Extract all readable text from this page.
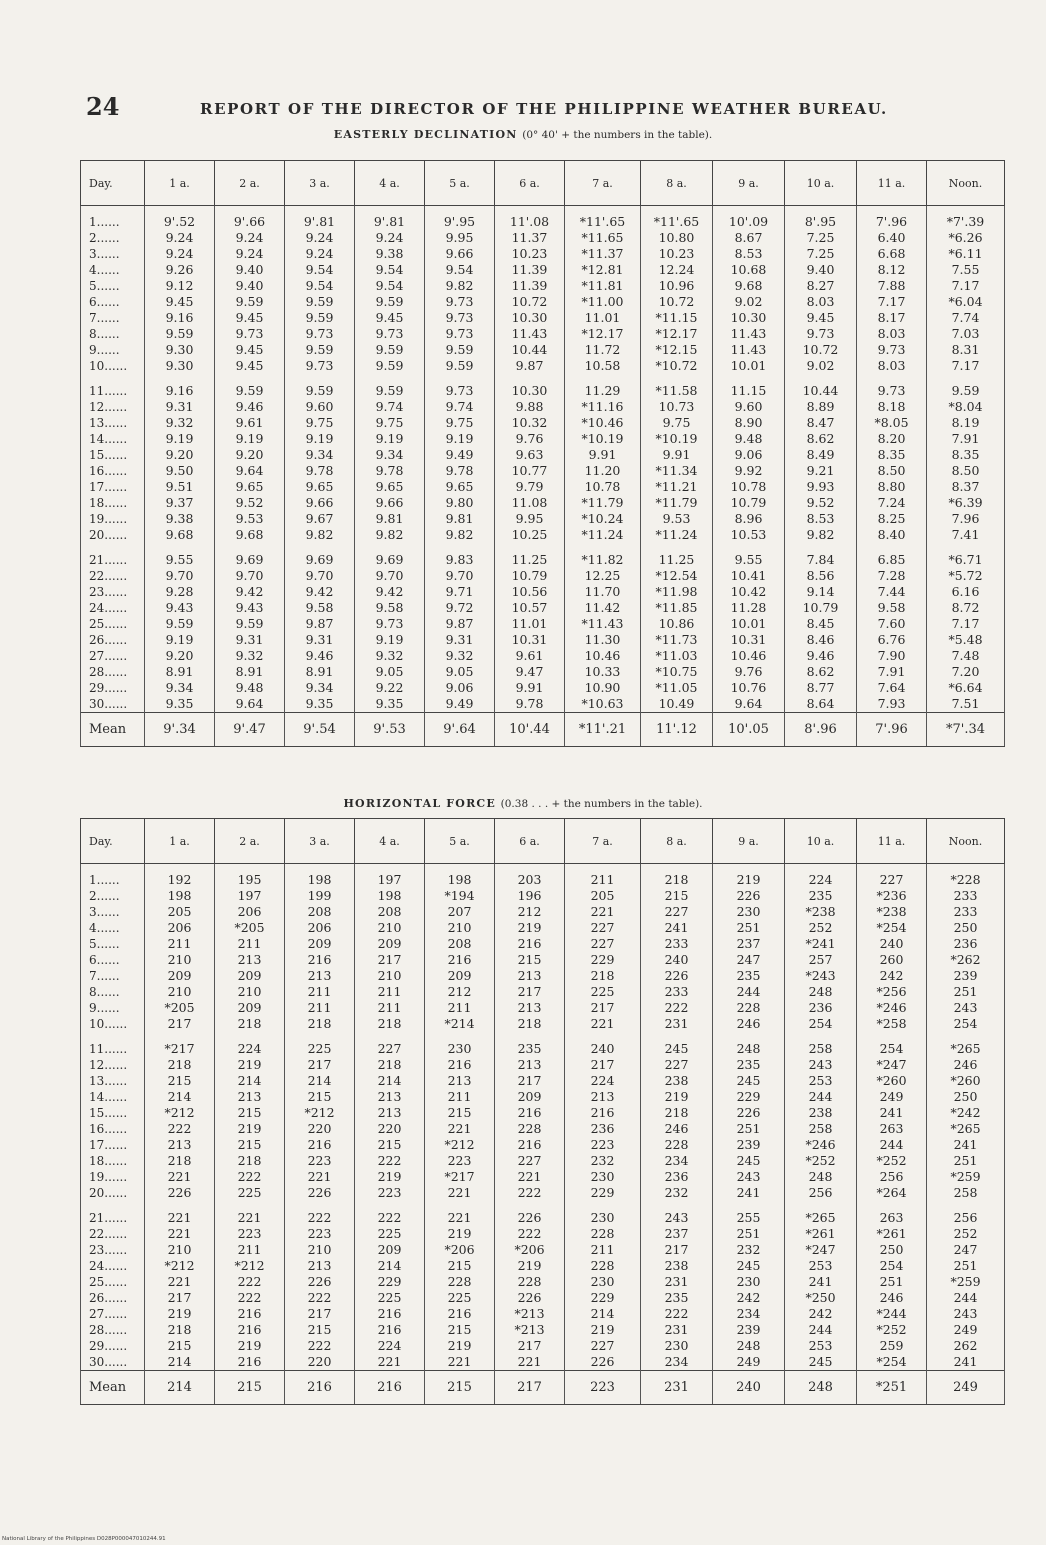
24	REPORT OF THE DIRECTOR OF THE PHILIPPINE WEATHER BUREAU.
EASTERLY DECLINATION (0° 40' + the numbers in the table).
Day.	1 a.	2 a.	3 a.	4 a.	5 a.	6 a.	7 a.	8 a.	9 a.	10 a.	11 a.	Noon.
1......	9'.52	9'.66	9'.81	9'.81	9'.95	11'.08	*11'.65	*11'.65	10'.09	8'.95	7'.96	*7'.39
2......	9.24	9.24	9.24	9.24	9.95	11.37	*11.65	10.80	8.67	7.25	6.40	*6.26
3......	9.24	9.24	9.24	9.38	9.66	10.23	*11.37	10.23	8.53	7.25	6.68	*6.11
4......	9.26	9.40	9.54	9.54	9.54	11.39	*12.81	12.24	10.68	9.40	8.12	7.55
5......	9.12	9.40	9.54	9.54	9.82	11.39	*11.81	10.96	9.68	8.27	7.88	7.17
6......	9.45	9.59	9.59	9.59	9.73	10.72	*11.00	10.72	9.02	8.03	7.17	*6.04
7......	9.16	9.45	9.59	9.45	9.73	10.30	11.01	*11.15	10.30	9.45	8.17	7.74
8......	9.59	9.73	9.73	9.73	9.73	11.43	*12.17	*12.17	11.43	9.73	8.03	7.03
9......	9.30	9.45	9.59	9.59	9.59	10.44	11.72	*12.15	11.43	10.72	9.73	8.31
10......	9.30	9.45	9.73	9.59	9.59	9.87	10.58	*10.72	10.01	9.02	8.03	7.17

11......	9.16	9.59	9.59	9.59	9.73	10.30	11.29	*11.58	11.15	10.44	9.73	9.59
12......	9.31	9.46	9.60	9.74	9.74	9.88	*11.16	10.73	9.60	8.89	8.18	*8.04
13......	9.32	9.61	9.75	9.75	9.75	10.32	*10.46	9.75	8.90	8.47	*8.05	8.19
14......	9.19	9.19	9.19	9.19	9.19	9.76	*10.19	*10.19	9.48	8.62	8.20	7.91
15......	9.20	9.20	9.34	9.34	9.49	9.63	9.91	9.91	9.06	8.49	8.35	8.35
16......	9.50	9.64	9.78	9.78	9.78	10.77	11.20	*11.34	9.92	9.21	8.50	8.50
17......	9.51	9.65	9.65	9.65	9.65	9.79	10.78	*11.21	10.78	9.93	8.80	8.37
18......	9.37	9.52	9.66	9.66	9.80	11.08	*11.79	*11.79	10.79	9.52	7.24	*6.39
19......	9.38	9.53	9.67	9.81	9.81	9.95	*10.24	9.53	8.96	8.53	8.25	7.96
20......	9.68	9.68	9.82	9.82	9.82	10.25	*11.24	*11.24	10.53	9.82	8.40	7.41

21......	9.55	9.69	9.69	9.69	9.83	11.25	*11.82	11.25	9.55	7.84	6.85	*6.71
22......	9.70	9.70	9.70	9.70	9.70	10.79	12.25	*12.54	10.41	8.56	7.28	*5.72
23......	9.28	9.42	9.42	9.42	9.71	10.56	11.70	*11.98	10.42	9.14	7.44	6.16
24......	9.43	9.43	9.58	9.58	9.72	10.57	11.42	*11.85	11.28	10.79	9.58	8.72
25......	9.59	9.59	9.87	9.73	9.87	11.01	*11.43	10.86	10.01	8.45	7.60	7.17
26......	9.19	9.31	9.31	9.19	9.31	10.31	11.30	*11.73	10.31	8.46	6.76	*5.48
27......	9.20	9.32	9.46	9.32	9.32	9.61	10.46	*11.03	10.46	9.46	7.90	7.48
28......	8.91	8.91	8.91	9.05	9.05	9.47	10.33	*10.75	9.76	8.62	7.91	7.20
29......	9.34	9.48	9.34	9.22	9.06	9.91	10.90	*11.05	10.76	8.77	7.64	*6.64
30......	9.35	9.64	9.35	9.35	9.49	9.78	*10.63	10.49	9.64	8.64	7.93	7.51
Mean	9'.34	9'.47	9'.54	9'.53	9'.64	10'.44	*11'.21	11'.12	10'.05	8'.96	7'.96	*7'.34
HORIZONTAL FORCE (0.38 . . . + the numbers in the table).
Day.	1 a.	2 a.	3 a.	4 a.	5 a.	6 a.	7 a.	8 a.	9 a.	10 a.	11 a.	Noon.
1......	192	195	198	197	198	203	211	218	219	224	227	*228
2......	198	197	199	198	*194	196	205	215	226	235	*236	233
3......	205	206	208	208	207	212	221	227	230	*238	*238	233
4......	206	*205	206	210	210	219	227	241	251	252	*254	250
5......	211	211	209	209	208	216	227	233	237	*241	240	236
6......	210	213	216	217	216	215	229	240	247	257	260	*262
7......	209	209	213	210	209	213	218	226	235	*243	242	239
8......	210	210	211	211	212	217	225	233	244	248	*256	251
9......	*205	209	211	211	211	213	217	222	228	236	*246	243
10......	217	218	218	218	*214	218	221	231	246	254	*258	254

11......	*217	224	225	227	230	235	240	245	248	258	254	*265
12......	218	219	217	218	216	213	217	227	235	243	*247	246
13......	215	214	214	214	213	217	224	238	245	253	*260	*260
14......	214	213	215	213	211	209	213	219	229	244	249	250
15......	*212	215	*212	213	215	216	216	218	226	238	241	*242
16......	222	219	220	220	221	228	236	246	251	258	263	*265
17......	213	215	216	215	*212	216	223	228	239	*246	244	241
18......	218	218	223	222	223	227	232	234	245	*252	*252	251
19......	221	222	221	219	*217	221	230	236	243	248	256	*259
20......	226	225	226	223	221	222	229	232	241	256	*264	258

21......	221	221	222	222	221	226	230	243	255	*265	263	256
22......	221	223	223	225	219	222	228	237	251	*261	*261	252
23......	210	211	210	209	*206	*206	211	217	232	*247	250	247
24......	*212	*212	213	214	215	219	228	238	245	253	254	251
25......	221	222	226	229	228	228	230	231	230	241	251	*259
26......	217	222	222	225	225	226	229	235	242	*250	246	244
27......	219	216	217	216	216	*213	214	222	234	242	*244	243
28......	218	216	215	216	215	*213	219	231	239	244	*252	249
29......	215	219	222	224	219	217	227	230	248	253	259	262
30......	214	216	220	221	221	221	226	234	249	245	*254	241
Mean	214	215	216	216	215	217	223	231	240	248	*251	249
National Library of the Philippines D028P000047010244.91
